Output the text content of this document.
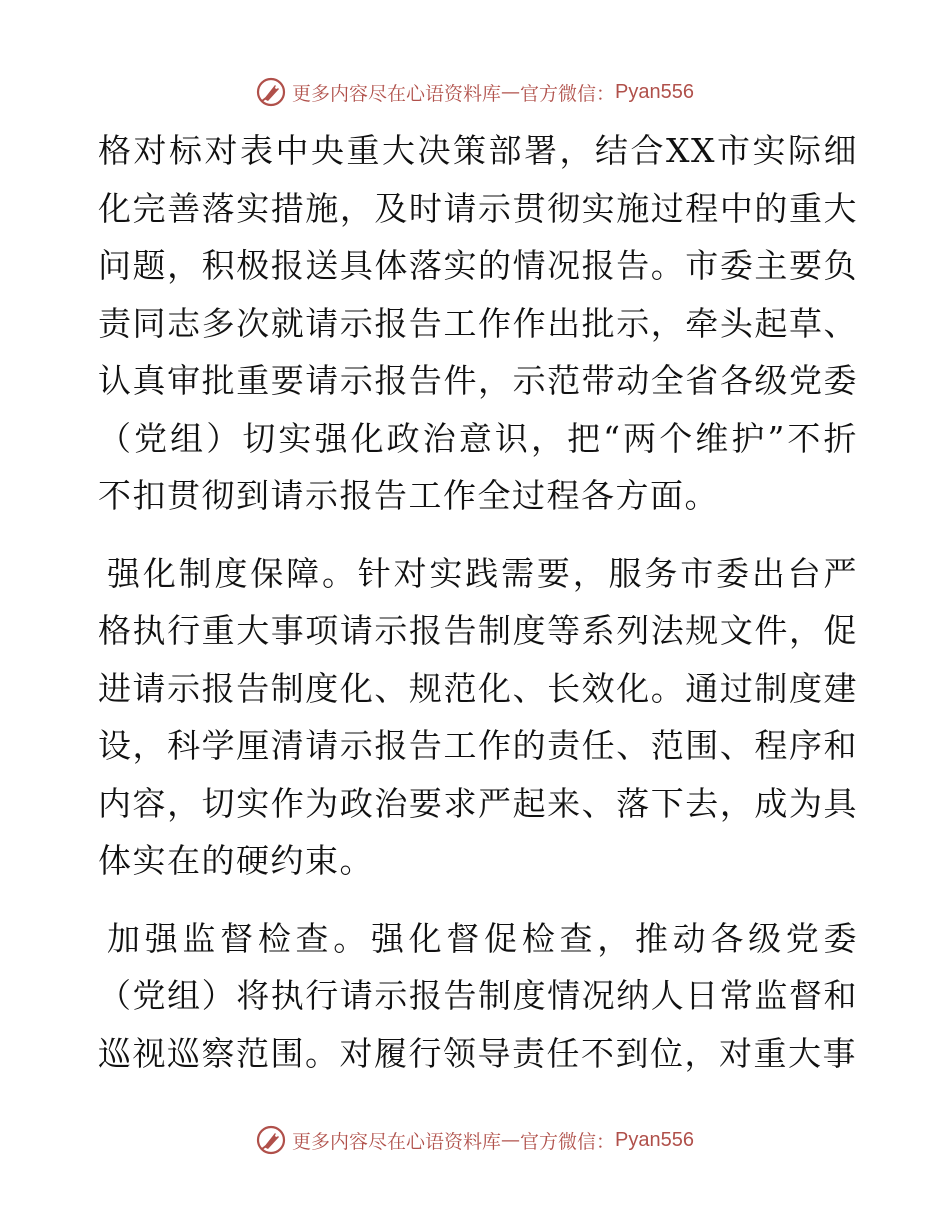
更多内容尽在心语资料库 — 官方微信： Pyan556

格对标对表中央重大决策部署，结合XX市实际细化完善落实措施，及时请示贯彻实施过程中的重大问题，积极报送具体落实的情况报告。市委主要负责同志多次就请示报告工作作出批示，牵头起草、认真审批重要请示报告件，示范带动全省各级党委（党组）切实强化政治意识，把“两个维护”不折不扣贯彻到请示报告工作全过程各方面。

强化制度保障。针对实践需要，服务市委出台严格执行重大事项请示报告制度等系列法规文件，促进请示报告制度化、规范化、长效化。通过制度建设，科学厘清请示报告工作的责任、范围、程序和内容，切实作为政治要求严起来、落下去，成为具体实在的硬约束。

加强监督检查。强化督促检查，推动各级党委（党组）将执行请示报告制度情况纳人日常监督和巡视巡察范围。对履行领导责任不到位，对重大事

更多内容尽在心语资料库 — 官方微信： Pyan556
